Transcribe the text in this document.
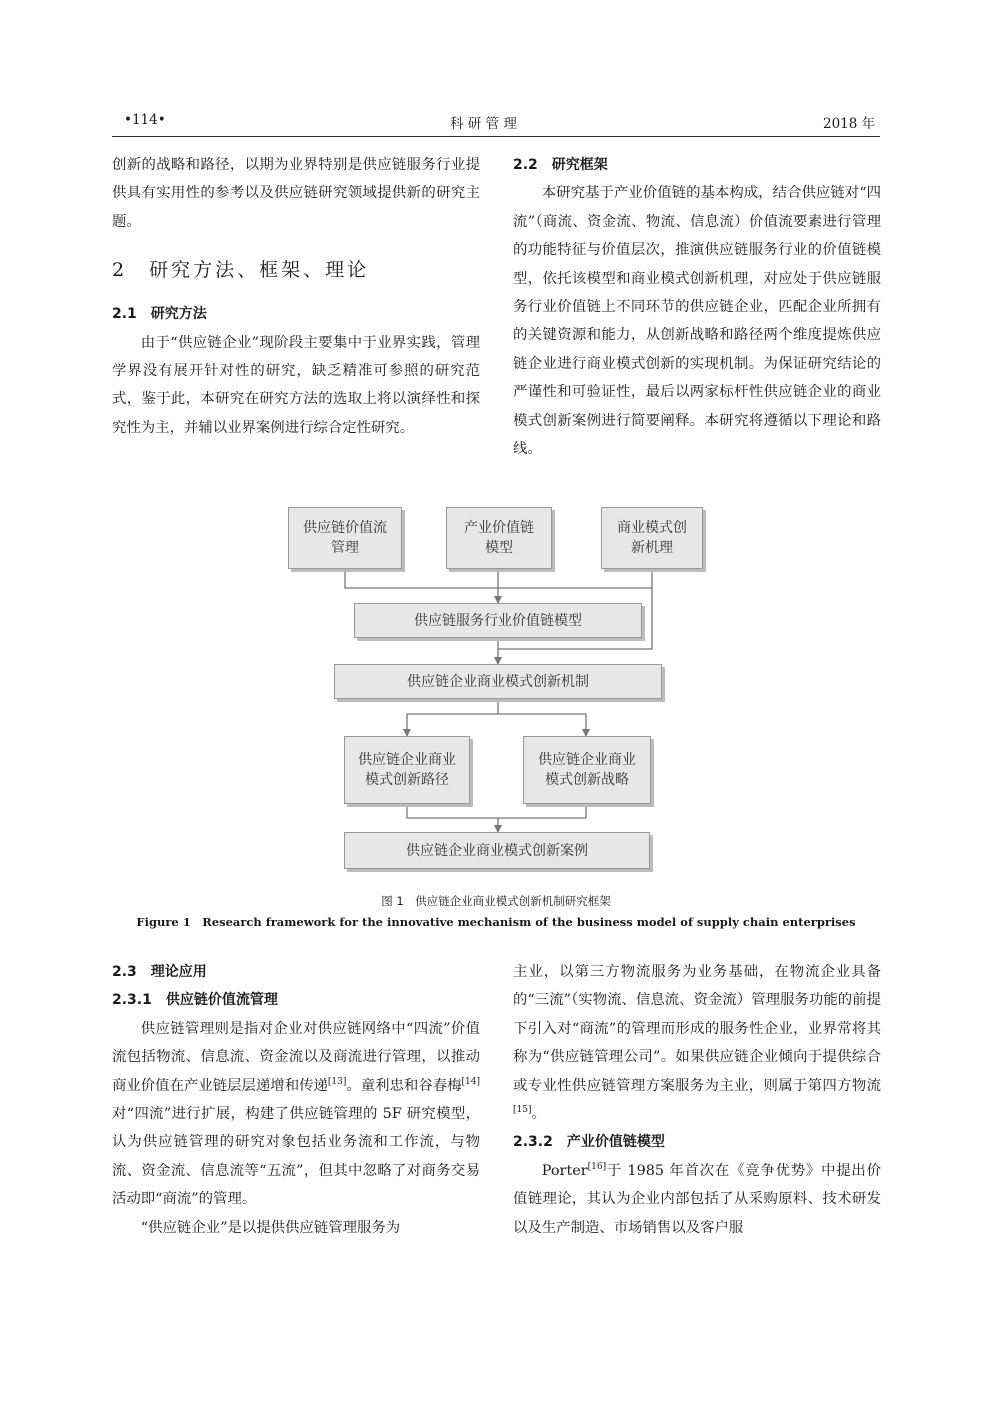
•114•	科 研 管 理	2018 年

创新的战略和路径，以期为业界特别是供应链服务行业提供具有实用性的参考以及供应链研究领域提供新的研究主题。

2　研究方法、框架、理论
2.1　研究方法

由于“供应链企业”现阶段主要集中于业界实践，管理学界没有展开针对性的研究，缺乏精准可参照的研究范式，鉴于此，本研究在研究方法的选取上将以演绎性和探究性为主，并辅以业界案例进行综合定性研究。

2.2　研究框架

本研究基于产业价值链的基本构成，结合供应链对“四流”（商流、资金流、物流、信息流）价值流要素进行管理的功能特征与价值层次，推演供应链服务行业的价值链模型，依托该模型和商业模式创新机理，对应处于供应链服务行业价值链上不同环节的供应链企业，匹配企业所拥有的关键资源和能力，从创新战略和路径两个维度提炼供应链企业进行商业模式创新的实现机制。为保证研究结论的严谨性和可验证性，最后以两家标杆性供应链企业的商业模式创新案例进行简要阐释。本研究将遵循以下理论和路线。

供应链价值流
管理
产业价值链
模型
商业模式创
新机理
供应链服务行业价值链模型
供应链企业商业模式创新机制
供应链企业商业
模式创新路径
供应链企业商业
模式创新战略
供应链企业商业模式创新案例
图 1　供应链企业商业模式创新机制研究框架
Figure 1　Research framework for the innovative mechanism of the business model of supply chain enterprises
2.3　理论应用
2.3.1　供应链价值流管理

供应链管理则是指对企业对供应链网络中“四流”价值流包括物流、信息流、资金流以及商流进行管理，以推动商业价值在产业链层层递增和传递[13]。童利忠和谷春梅[14]对“四流”进行扩展，构建了供应链管理的 5F 研究模型，认为供应链管理的研究对象包括业务流和工作流，与物流、资金流、信息流等“五流”，但其中忽略了对商务交易活动即“商流”的管理。

“供应链企业”是以提供供应链管理服务为

主业，以第三方物流服务为业务基础，在物流企业具备的“三流”（实物流、信息流、资金流）管理服务功能的前提下引入对“商流”的管理而形成的服务性企业，业界常将其称为“供应链管理公司”。如果供应链企业倾向于提供综合或专业性供应链管理方案服务为主业，则属于第四方物流[15]。

2.3.2　产业价值链模型

Porter[16]于 1985 年首次在《竞争优势》中提出价值链理论，其认为企业内部包括了从采购原料、技术研发以及生产制造、市场销售以及客户服
